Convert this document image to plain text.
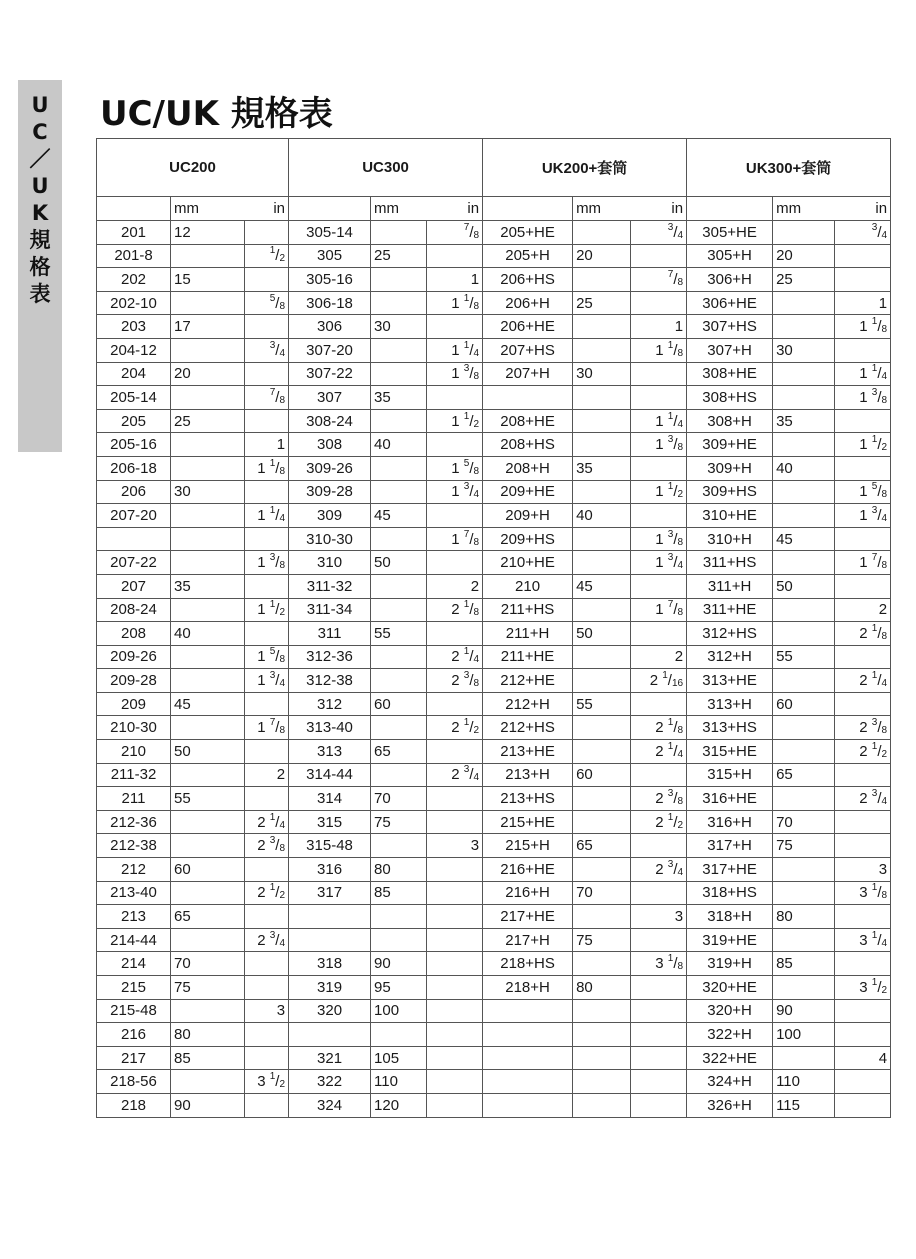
U
C
／
U
K
規
格
表
UC/UK 規格表
UC200			UC300			UK200+套筒			UK300+套筒		

	mm in			mm in			mm in			mm in	

201	12		305-14		$^7/_8$	205+HE		$^3/_4$	305+HE		$^3/_4$
201-8		$^1/_2$	305	25		205+H	20		305+H	20	
202	15		305-16		1	206+HS		$^7/_8$	306+H	25	
202-10		$^5/_8$	306-18		1 $^1/_8$	206+H	25		306+HE		1
203	17		306	30		206+HE		1	307+HS		1 $^1/_8$
204-12		$^3/_4$	307-20		1 $^1/_4$	207+HS		1 $^1/_8$	307+H	30	
204	20		307-22		1 $^3/_8$	207+H	30		308+HE		1 $^1/_4$
205-14		$^7/_8$	307	35					308+HS		1 $^3/_8$
205	25		308-24		1 $^1/_2$	208+HE		1 $^1/_4$	308+H	35	
205-16		1	308	40		208+HS		1 $^3/_8$	309+HE		1 $^1/_2$
206-18		1 $^1/_8$	309-26		1 $^5/_8$	208+H	35		309+H	40	
206	30		309-28		1 $^3/_4$	209+HE		1 $^1/_2$	309+HS		1 $^5/_8$
207-20		1 $^1/_4$	309	45		209+H	40		310+HE		1 $^3/_4$
			310-30		1 $^7/_8$	209+HS		1 $^3/_8$	310+H	45	
207-22		1 $^3/_8$	310	50		210+HE		1 $^3/_4$	311+HS		1 $^7/_8$
207	35		311-32		2	210	45		311+H	50	
208-24		1 $^1/_2$	311-34		2 $^1/_8$	211+HS		1 $^7/_8$	311+HE		2
208	40		311	55		211+H	50		312+HS		2 $^1/_8$
209-26		1 $^5/_8$	312-36		2 $^1/_4$	211+HE		2	312+H	55	
209-28		1 $^3/_4$	312-38		2 $^3/_8$	212+HE		2 $^1/_{16}$	313+HE		2 $^1/_4$
209	45		312	60		212+H	55		313+H	60	
210-30		1 $^7/_8$	313-40		2 $^1/_2$	212+HS		2 $^1/_8$	313+HS		2 $^3/_8$
210	50		313	65		213+HE		2 $^1/_4$	315+HE		2 $^1/_2$
211-32		2	314-44		2 $^3/_4$	213+H	60		315+H	65	
211	55		314	70		213+HS		2 $^3/_8$	316+HE		2 $^3/_4$
212-36		2 $^1/_4$	315	75		215+HE		2 $^1/_2$	316+H	70	
212-38		2 $^3/_8$	315-48		3	215+H	65		317+H	75	
212	60		316	80		216+HE		2 $^3/_4$	317+HE		3
213-40		2 $^1/_2$	317	85		216+H	70		318+HS		3 $^1/_8$
213	65					217+HE		3	318+H	80	
214-44		2 $^3/_4$				217+H	75		319+HE		3 $^1/_4$
214	70		318	90		218+HS		3 $^1/_8$	319+H	85	
215	75		319	95		218+H	80		320+HE		3 $^1/_2$
215-48		3	320	100					320+H	90	
216	80								322+H	100	
217	85		321	105					322+HE		4
218-56		3 $^1/_2$	322	110					324+H	110	
218	90		324	120					326+H	115	
